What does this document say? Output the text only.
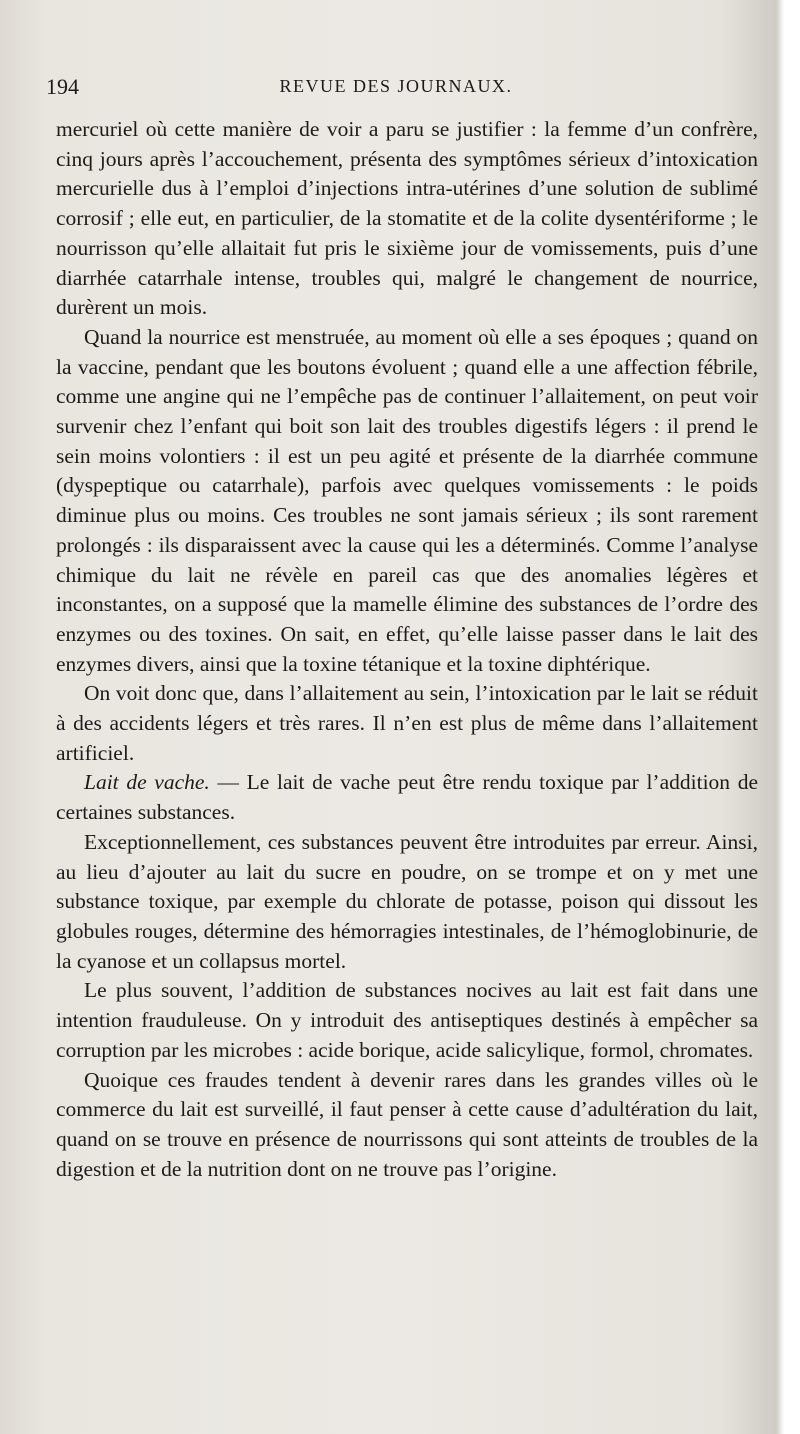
194	REVUE DES JOURNAUX.

mercuriel où cette manière de voir a paru se justifier : la femme d’un confrère, cinq jours après l’accouchement, présenta des symptômes sérieux d’intoxication mercurielle dus à l’emploi d’injections intra-utérines d’une solution de sublimé corrosif ; elle eut, en particulier, de la stomatite et de la colite dysentériforme ; le nourrisson qu’elle allaitait fut pris le sixième jour de vomissements, puis d’une diarrhée catarrhale intense, troubles qui, malgré le changement de nourrice, durèrent un mois.

Quand la nourrice est menstruée, au moment où elle a ses époques ; quand on la vaccine, pendant que les boutons évoluent ; quand elle a une affection fébrile, comme une angine qui ne l’empêche pas de continuer l’allaitement, on peut voir survenir chez l’enfant qui boit son lait des troubles digestifs légers : il prend le sein moins volontiers : il est un peu agité et présente de la diarrhée commune (dyspeptique ou catarrhale), parfois avec quelques vomissements : le poids diminue plus ou moins. Ces troubles ne sont jamais sérieux ; ils sont rarement prolongés : ils disparaissent avec la cause qui les a déterminés. Comme l’analyse chimique du lait ne révèle en pareil cas que des anomalies légères et inconstantes, on a supposé que la mamelle élimine des substances de l’ordre des enzymes ou des toxines. On sait, en effet, qu’elle laisse passer dans le lait des enzymes divers, ainsi que la toxine tétanique et la toxine diphtérique.

On voit donc que, dans l’allaitement au sein, l’intoxication par le lait se réduit à des accidents légers et très rares. Il n’en est plus de même dans l’allaitement artificiel.

Lait de vache. — Le lait de vache peut être rendu toxique par l’addition de certaines substances.

Exceptionnellement, ces substances peuvent être introduites par erreur. Ainsi, au lieu d’ajouter au lait du sucre en poudre, on se trompe et on y met une substance toxique, par exemple du chlorate de potasse, poison qui dissout les globules rouges, détermine des hémorragies intestinales, de l’hémoglobinurie, de la cyanose et un collapsus mortel.

Le plus souvent, l’addition de substances nocives au lait est fait dans une intention frauduleuse. On y introduit des antiseptiques destinés à empêcher sa corruption par les microbes : acide borique, acide salicylique, formol, chromates.

Quoique ces fraudes tendent à devenir rares dans les grandes villes où le commerce du lait est surveillé, il faut penser à cette cause d’adultération du lait, quand on se trouve en présence de nourrissons qui sont atteints de troubles de la digestion et de la nutrition dont on ne trouve pas l’origine.
